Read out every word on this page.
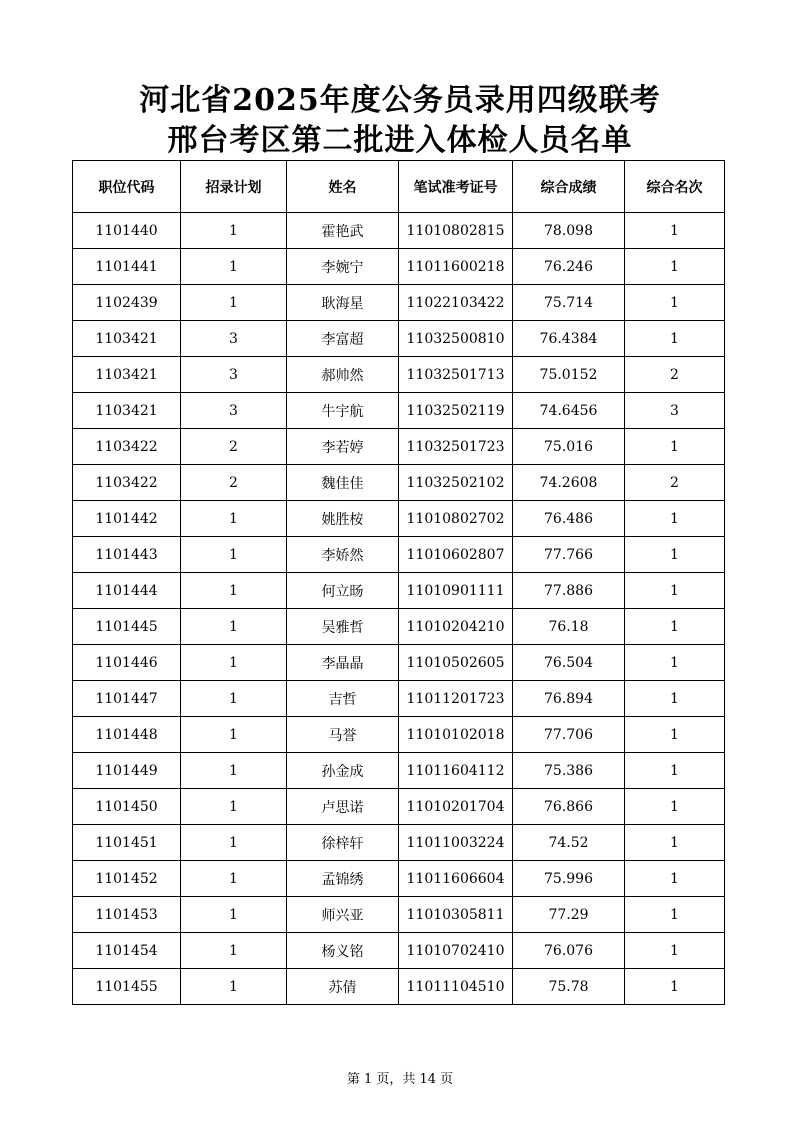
河北省2025年度公务员录用四级联考
邢台考区第二批进入体检人员名单
职位代码	招录计划	姓名	笔试准考证号	综合成绩	综合名次
1101440	1	霍艳武	11010802815	78.098	1
1101441	1	李婉宁	11011600218	76.246	1
1102439	1	耿海星	11022103422	75.714	1
1103421	3	李富超	11032500810	76.4384	1
1103421	3	郝帅然	11032501713	75.0152	2
1103421	3	牛宇航	11032502119	74.6456	3
1103422	2	李若婷	11032501723	75.016	1
1103422	2	魏佳佳	11032502102	74.2608	2
1101442	1	姚胜桉	11010802702	76.486	1
1101443	1	李娇然	11010602807	77.766	1
1101444	1	何立旸	11010901111	77.886	1
1101445	1	吴雅哲	11010204210	76.18	1
1101446	1	李晶晶	11010502605	76.504	1
1101447	1	吉哲	11011201723	76.894	1
1101448	1	马誉	11010102018	77.706	1
1101449	1	孙金成	11011604112	75.386	1
1101450	1	卢思诺	11010201704	76.866	1
1101451	1	徐梓轩	11011003224	74.52	1
1101452	1	孟锦绣	11011606604	75.996	1
1101453	1	师兴亚	11010305811	77.29	1
1101454	1	杨义铭	11010702410	76.076	1
1101455	1	苏倩	11011104510	75.78	1
第 1 页，共 14 页
